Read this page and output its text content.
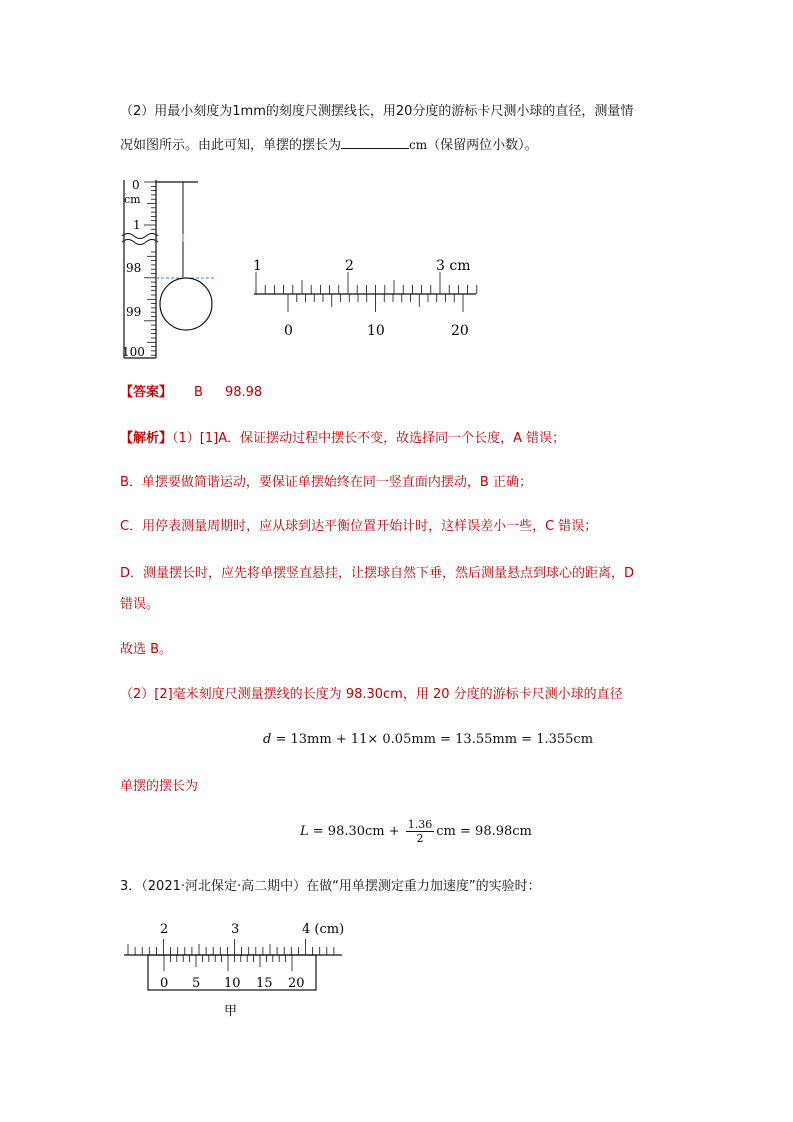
（2）用最小刻度为1mm的刻度尺测摆线长，用20分度的游标卡尺测小球的直径，测量情
况如图所示。由此可知，单摆的摆长为	cm（保留两位小数）。
0
cm
1
98
99
100
1	2	3 cm
0	10	20
【答案】 B 98.98
【解析】（1）[1]A．保证摆动过程中摆长不变，故选择同一个长度，A 错误；
B．单摆要做简谐运动，要保证单摆始终在同一竖直面内摆动，B 正确；
C．用停表测量周期时，应从球到达平衡位置开始计时，这样误差小一些，C 错误；
D．测量摆长时，应先将单摆竖直悬挂，让摆球自然下垂，然后测量悬点到球心的距离，D
错误。
故选 B。
（2）[2]毫米刻度尺测量摆线的长度为 98.30cm，用 20 分度的游标卡尺测小球的直径
d = 13mm + 11× 0.05mm = 13.55mm = 1.355cm
单摆的摆长为
$L = 98.30cm + \frac{1.36}{2}$ cm = 98.98cm
3．（2021·河北保定·高二期中）在做“用单摆测定重力加速度”的实验时：
2	3	4 (cm)
0 5 10 15 20
甲
